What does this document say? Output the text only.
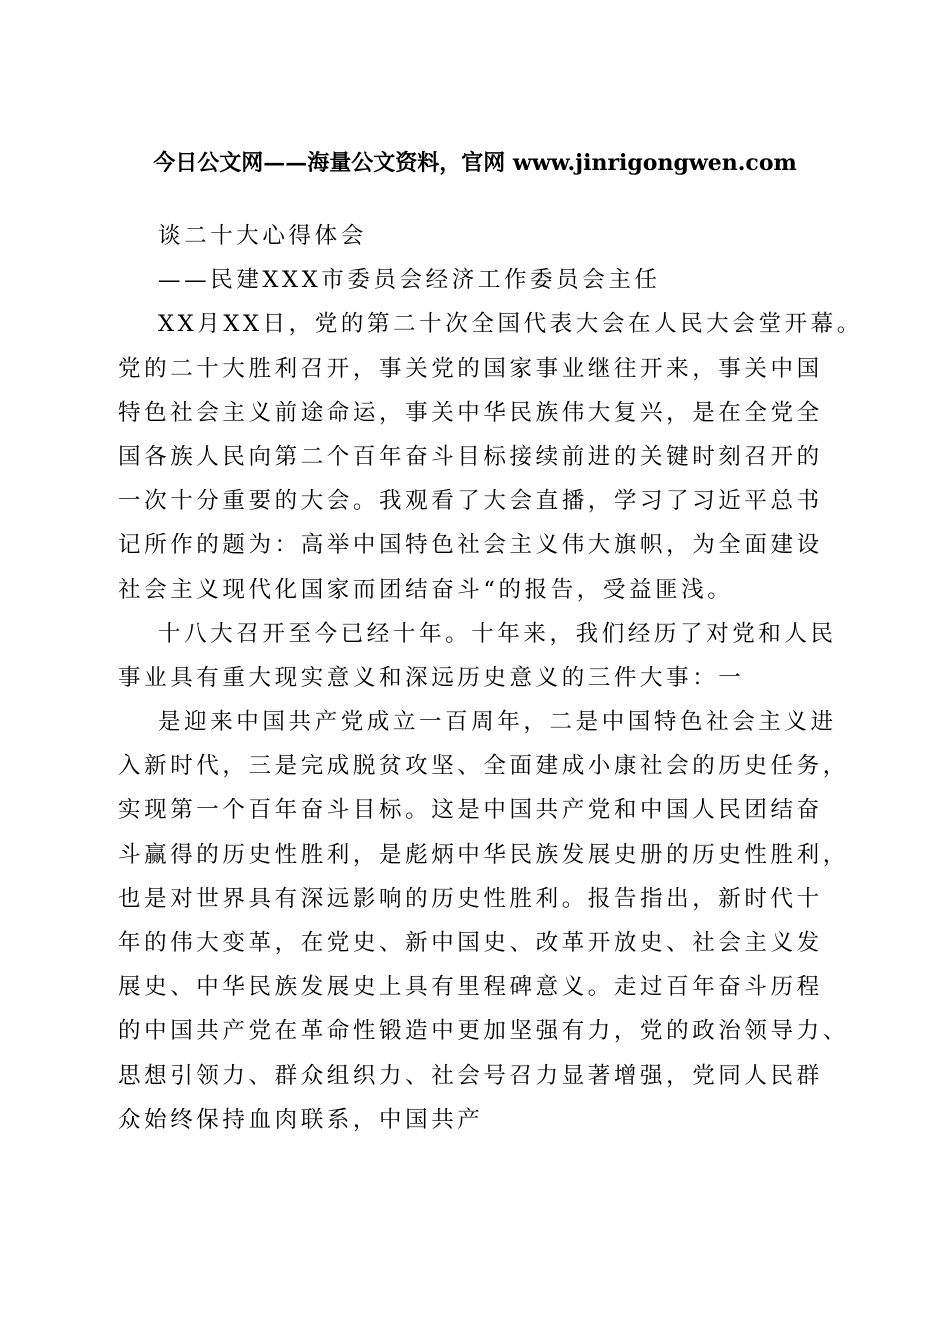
今日公文网——海量公文资料，官网 www.jinrigongwen.com
谈二十大心得体会
——民建XXX市委员会经济工作委员会主任
XX月XX日，党的第二十次全国代表大会在人民大会堂开幕。
党的二十大胜利召开，事关党的国家事业继往开来，事关中国
特色社会主义前途命运，事关中华民族伟大复兴，是在全党全
国各族人民向第二个百年奋斗目标接续前进的关键时刻召开的
一次十分重要的大会。我观看了大会直播，学习了习近平总书
记所作的题为：高举中国特色社会主义伟大旗帜，为全面建设
社会主义现代化国家而团结奋斗“的报告，受益匪浅。
十八大召开至今已经十年。十年来，我们经历了对党和人民
事业具有重大现实意义和深远历史意义的三件大事：一
是迎来中国共产党成立一百周年，二是中国特色社会主义进
入新时代，三是完成脱贫攻坚、全面建成小康社会的历史任务，
实现第一个百年奋斗目标。这是中国共产党和中国人民团结奋
斗赢得的历史性胜利，是彪炳中华民族发展史册的历史性胜利，
也是对世界具有深远影响的历史性胜利。报告指出，新时代十
年的伟大变革，在党史、新中国史、改革开放史、社会主义发
展史、中华民族发展史上具有里程碑意义。走过百年奋斗历程
的中国共产党在革命性锻造中更加坚强有力，党的政治领导力、
思想引领力、群众组织力、社会号召力显著增强，党同人民群
众始终保持血肉联系，中国共产
